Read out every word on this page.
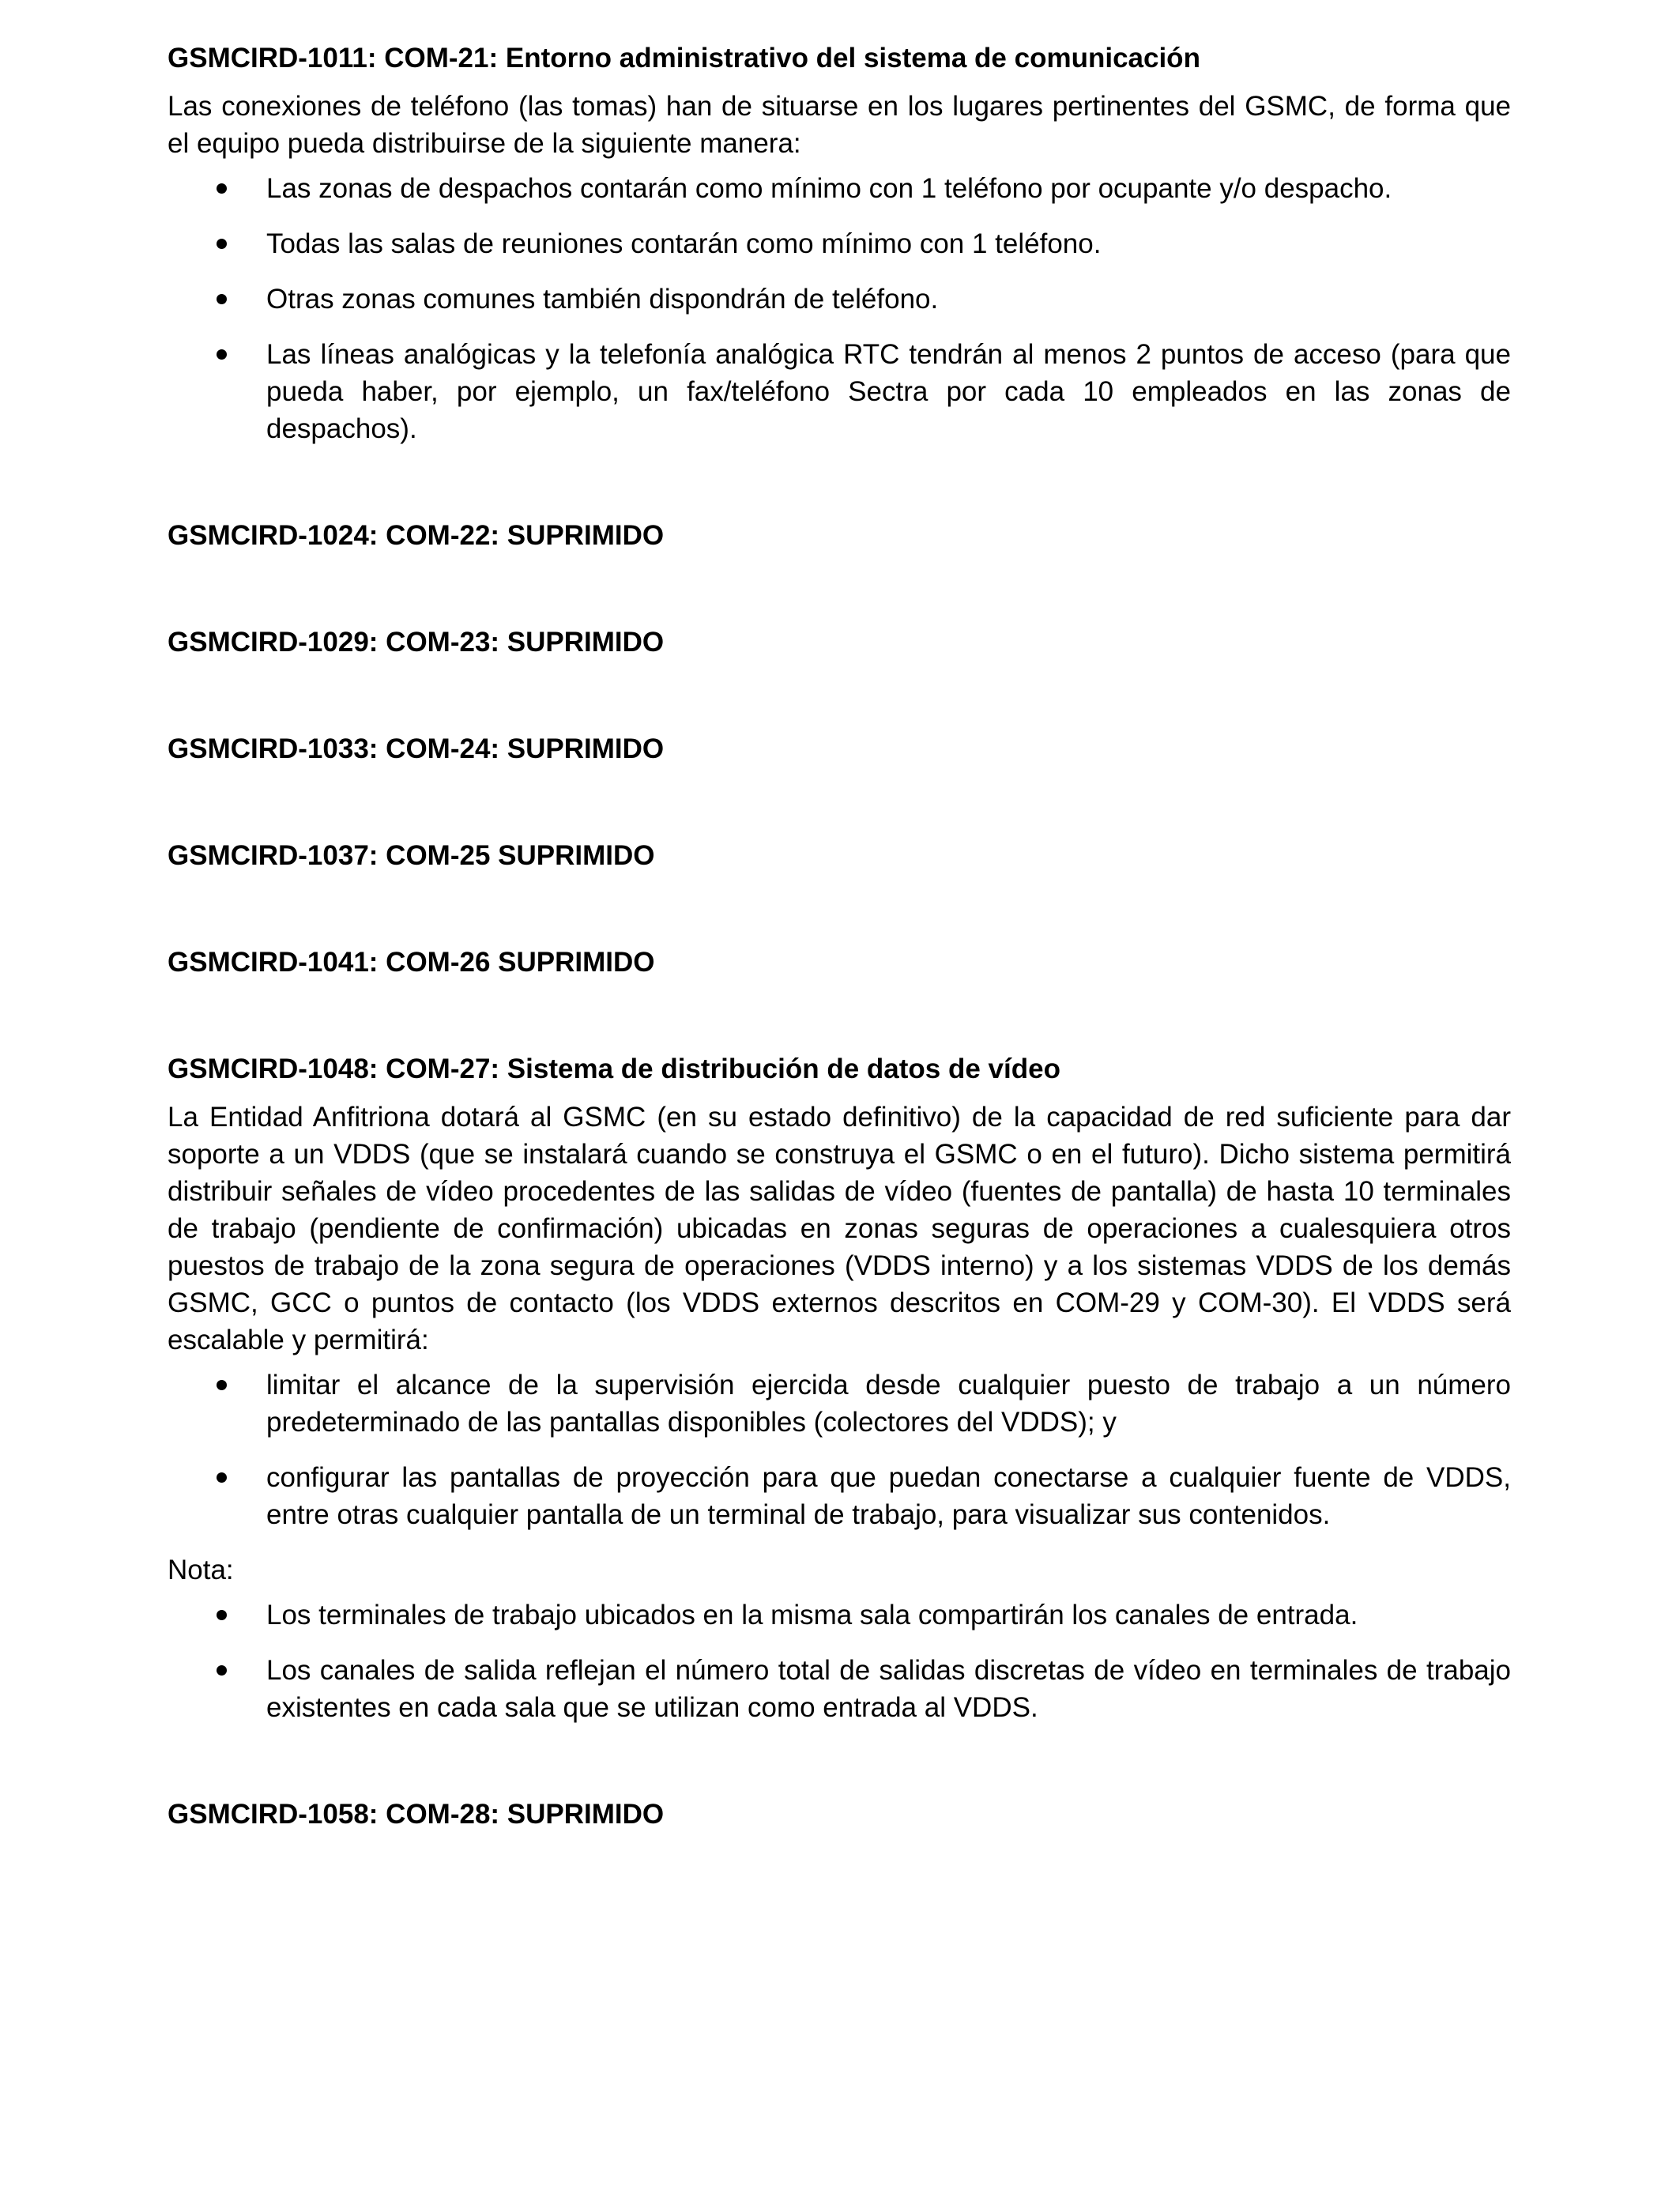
GSMCIRD-1011: COM-21: Entorno administrativo del sistema de comunicación
Las conexiones de teléfono (las tomas) han de situarse en los lugares pertinentes del GSMC, de forma que el equipo pueda distribuirse de la siguiente manera:
Las zonas de despachos contarán como mínimo con 1 teléfono por ocupante y/o despacho.
Todas las salas de reuniones contarán como mínimo con 1 teléfono.
Otras zonas comunes también dispondrán de teléfono.
Las líneas analógicas y la telefonía analógica RTC tendrán al menos 2 puntos de acceso (para que pueda haber, por ejemplo, un fax/teléfono Sectra por cada 10 empleados en las zonas de despachos).
GSMCIRD-1024: COM-22: SUPRIMIDO
GSMCIRD-1029: COM-23: SUPRIMIDO
GSMCIRD-1033: COM-24: SUPRIMIDO
GSMCIRD-1037: COM-25 SUPRIMIDO
GSMCIRD-1041: COM-26 SUPRIMIDO
GSMCIRD-1048: COM-27: Sistema de distribución de datos de vídeo
La Entidad Anfitriona dotará al GSMC (en su estado definitivo) de la capacidad de red suficiente para dar soporte a un VDDS (que se instalará cuando se construya el GSMC o en el futuro). Dicho sistema permitirá distribuir señales de vídeo procedentes de las salidas de vídeo (fuentes de pantalla) de hasta 10 terminales de trabajo (pendiente de confirmación) ubicadas en zonas seguras de operaciones a cualesquiera otros puestos de trabajo de la zona segura de operaciones (VDDS interno) y a los sistemas VDDS de los demás GSMC, GCC o puntos de contacto (los VDDS externos descritos en COM-29 y COM-30). El VDDS será escalable y permitirá:
limitar el alcance de la supervisión ejercida desde cualquier puesto de trabajo a un número predeterminado de las pantallas disponibles (colectores del VDDS); y
configurar las pantallas de proyección para que puedan conectarse a cualquier fuente de VDDS, entre otras cualquier pantalla de un terminal de trabajo, para visualizar sus contenidos.
Nota:
Los terminales de trabajo ubicados en la misma sala compartirán los canales de entrada.
Los canales de salida reflejan el número total de salidas discretas de vídeo en terminales de trabajo existentes en cada sala que se utilizan como entrada al VDDS.
GSMCIRD-1058: COM-28: SUPRIMIDO
